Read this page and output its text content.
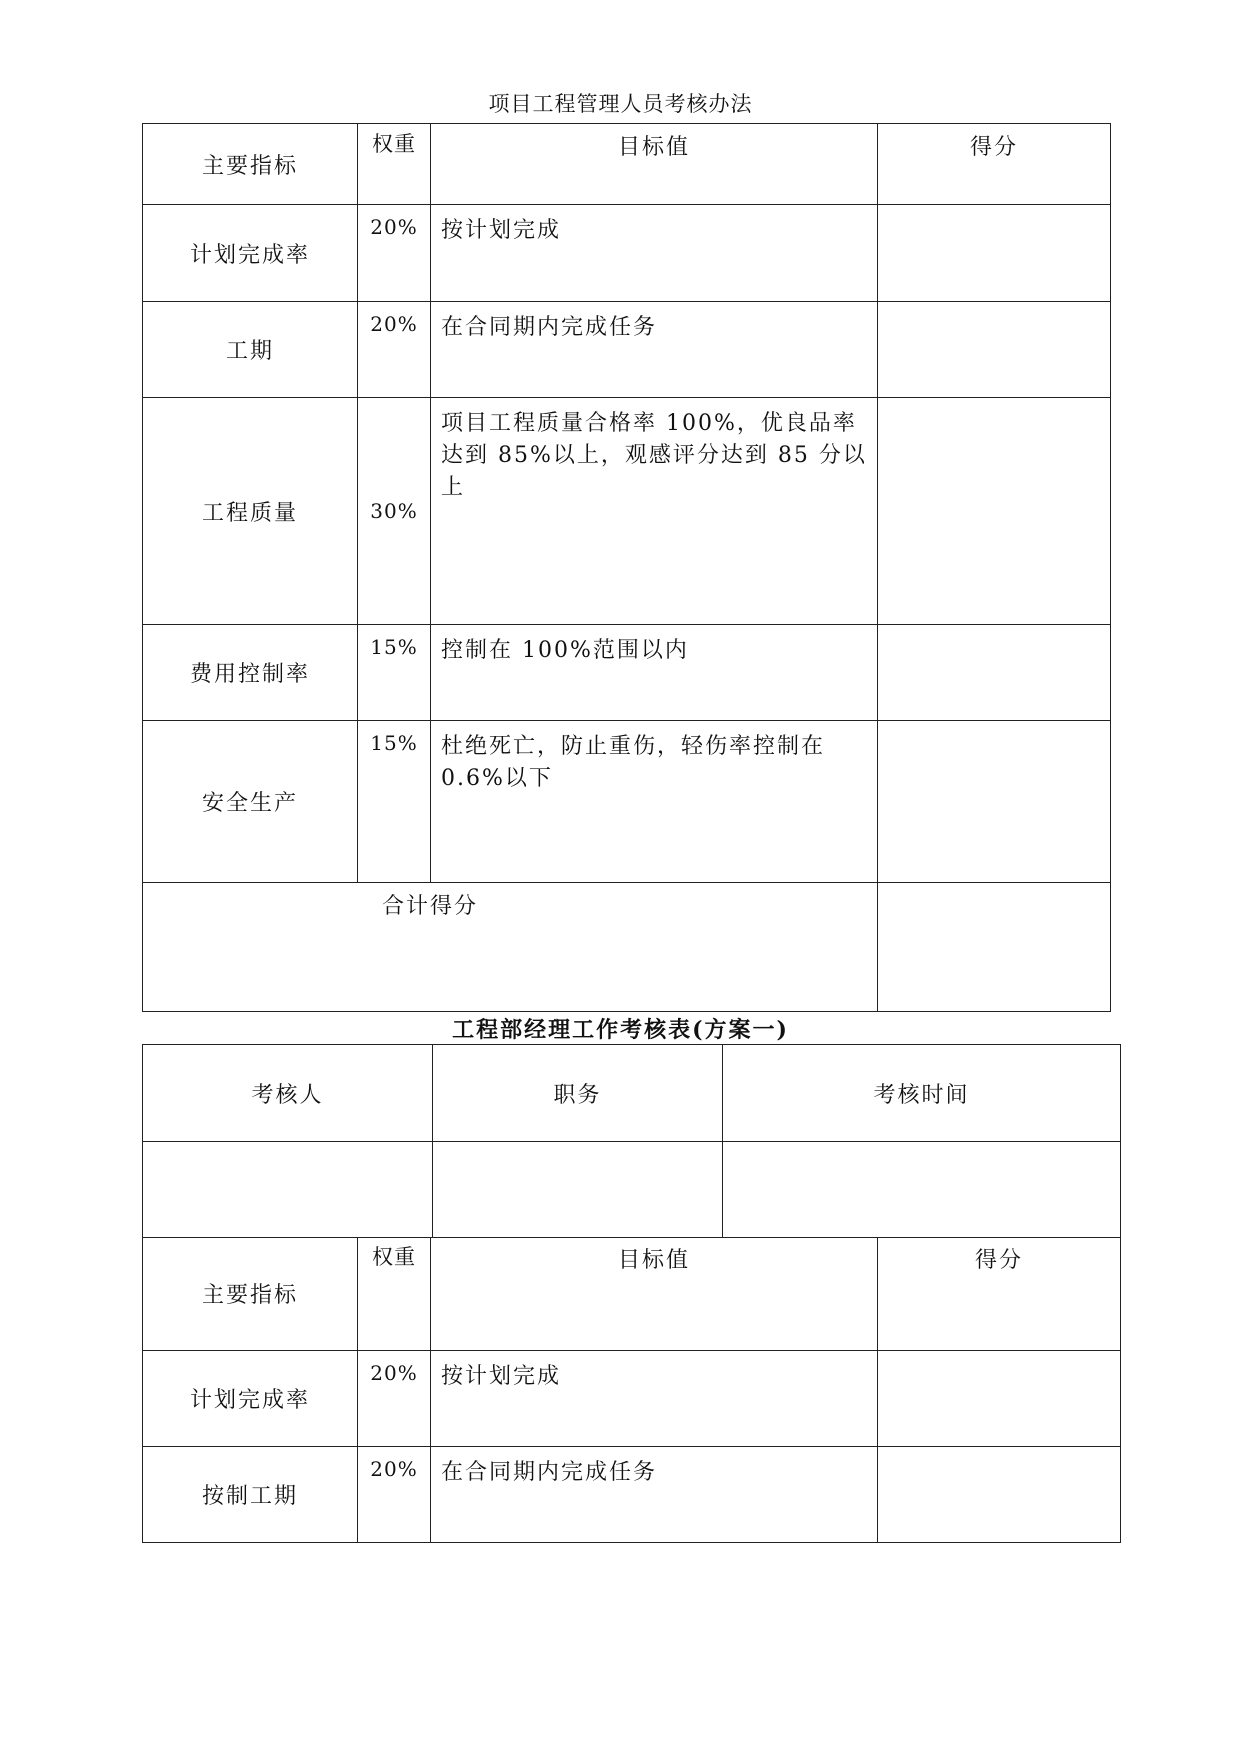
项目工程管理人员考核办法
主要指标	权重	目标值	得分
计划完成率	20%	按计划完成	
工期	20%	在合同期内完成任务	
工程质量	30%	项目工程质量合格率 100%，优良品率达到 85%以上，观感评分达到 85 分以上	
费用控制率	15%	控制在 100%范围以内	
安全生产	15%	杜绝死亡，防止重伤，轻伤率控制在 0.6%以下	
合计得分			
工程部经理工作考核表(方案一)
考核人	职务	考核时间

主要指标	权重	目标值	得分
计划完成率	20%	按计划完成	
按制工期	20%	在合同期内完成任务	
